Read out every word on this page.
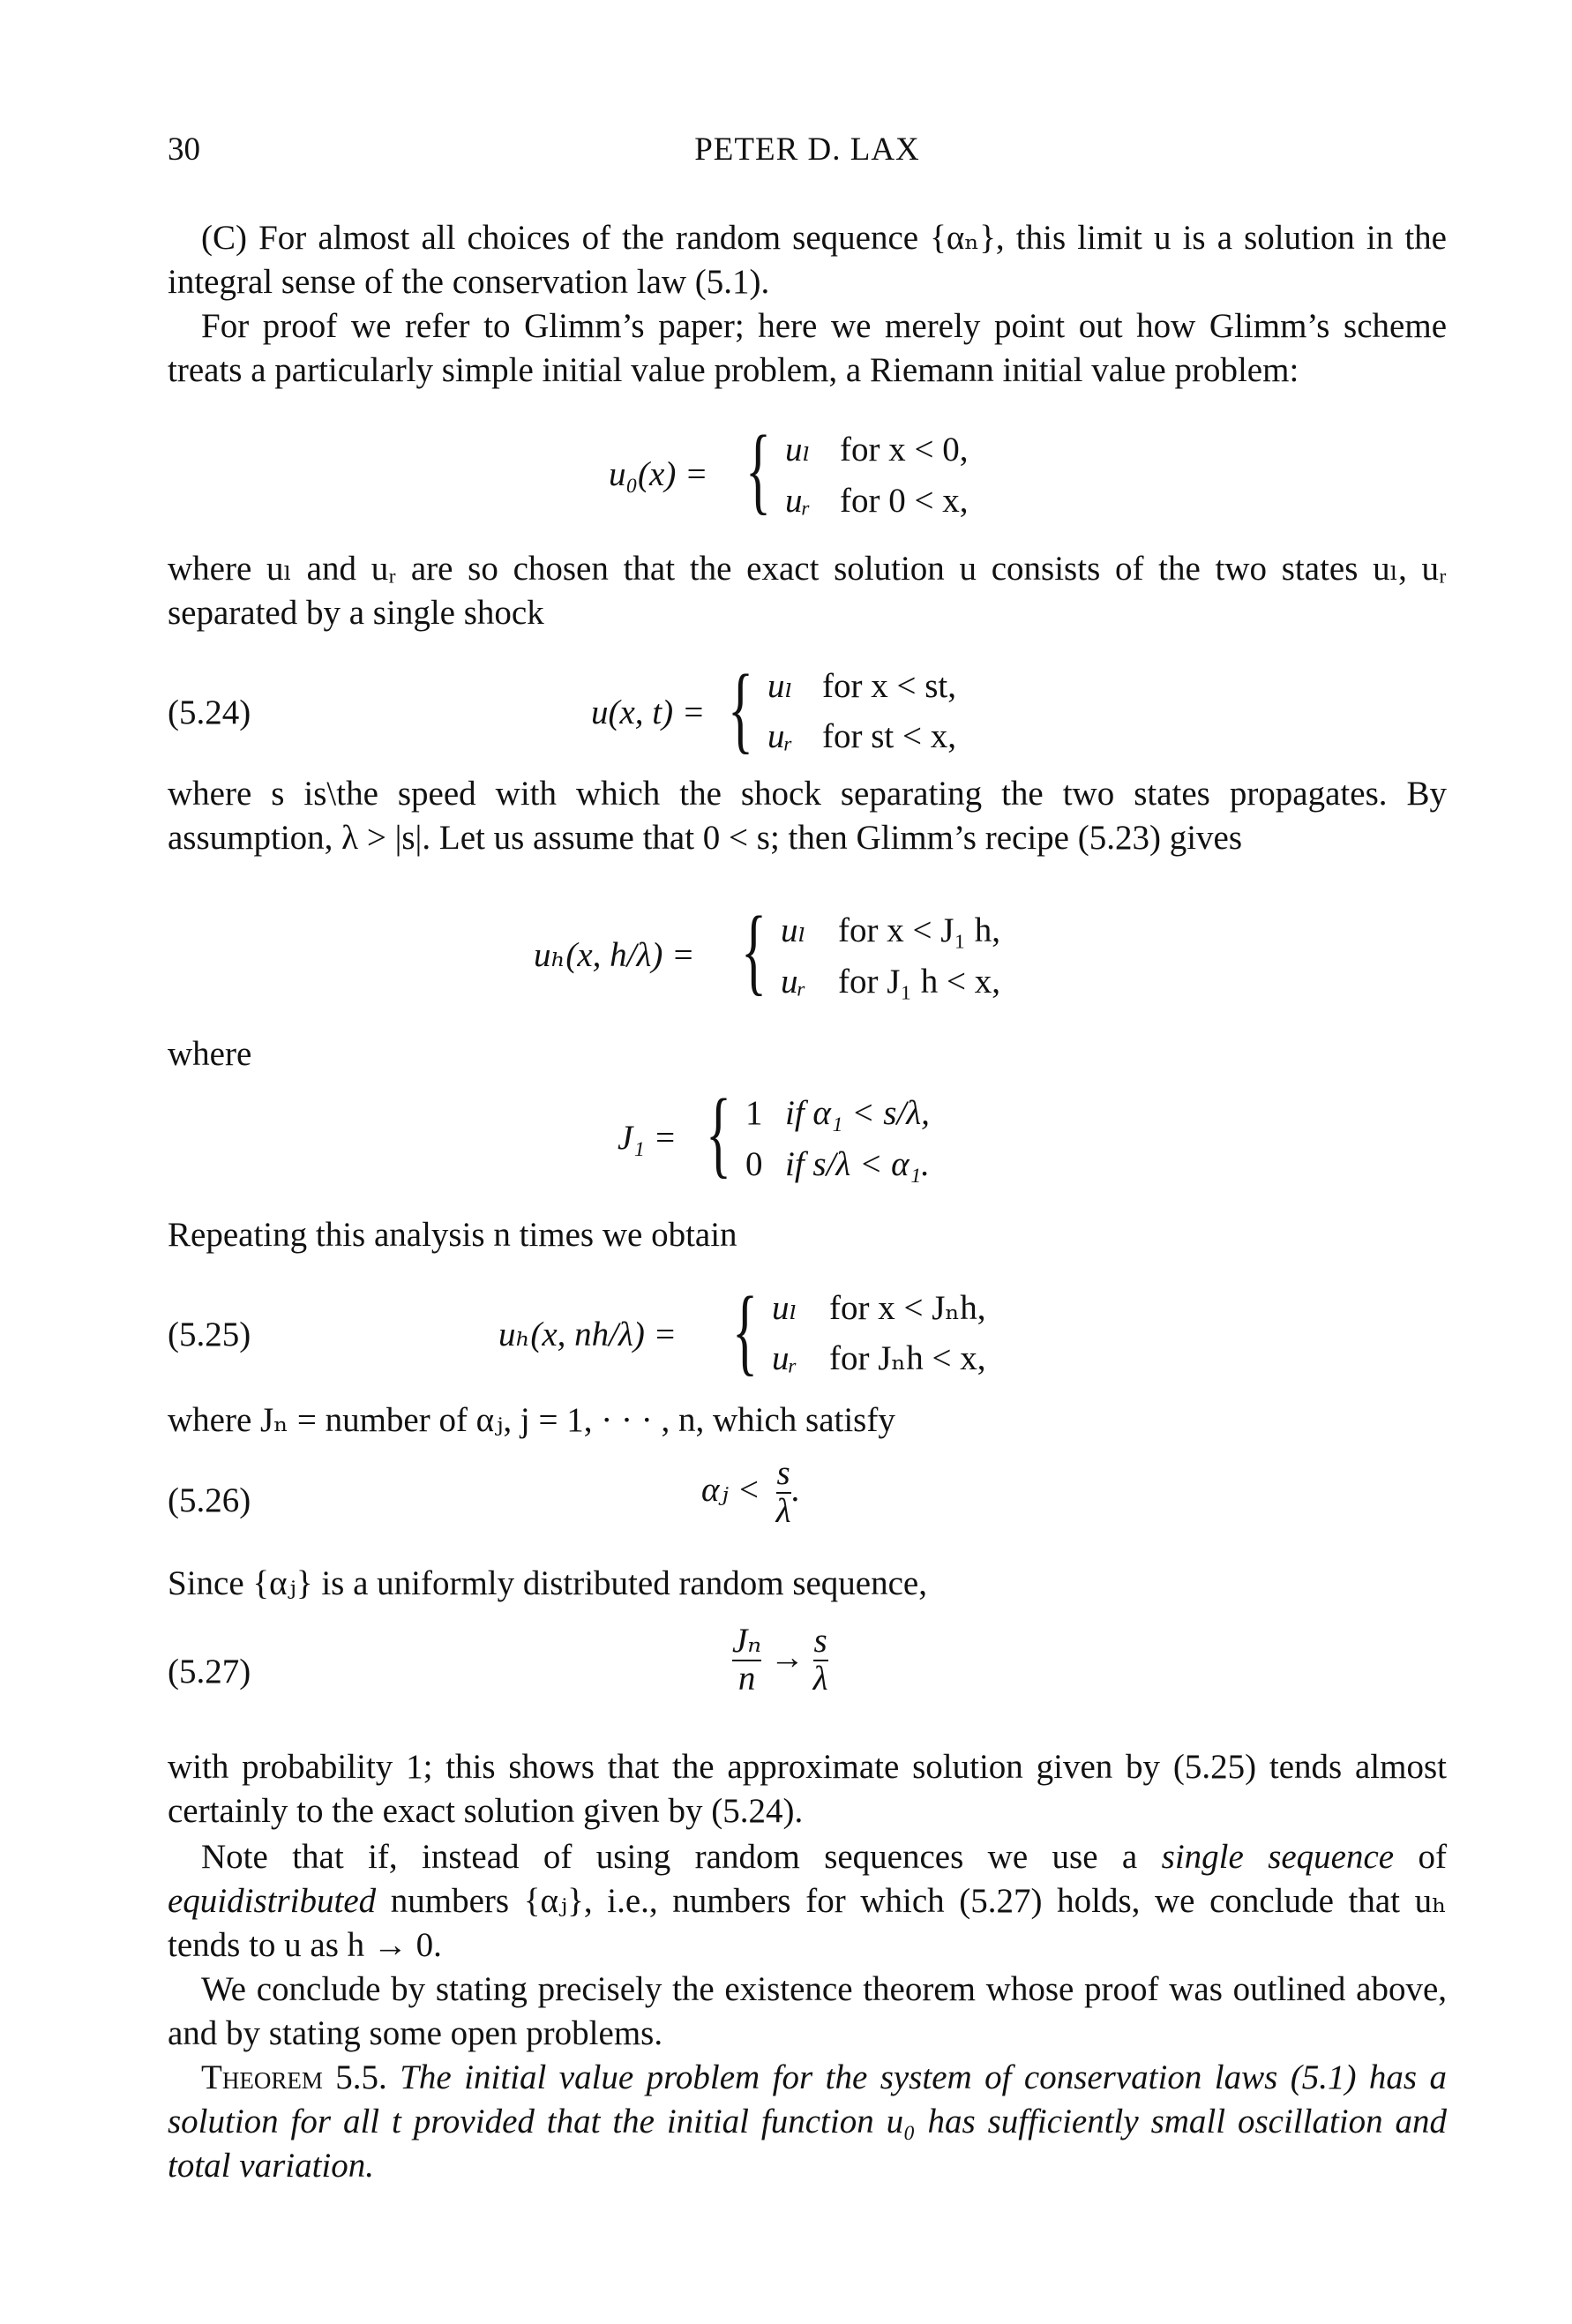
30	PETER D. LAX

(C) For almost all choices of the random sequence {αₙ}, this limit u is a solution in the integral sense of the conservation law (5.1).

For proof we refer to Glimm’s paper; here we merely point out how Glimm’s scheme treats a particularly simple initial value problem, a Riemann initial value problem:

u₀(x) = { uₗ for x < 0,
uᵣ for 0 < x,

where uₗ and uᵣ are so chosen that the exact solution u consists of the two states uₗ, uᵣ separated by a single shock

(5.24)	u(x, t) = { uₗ for x < st,
uᵣ for st < x,

where s is\the speed with which the shock separating the two states propagates. By assumption, λ > |s|. Let us assume that 0 < s; then Glimm’s recipe (5.23) gives

uₕ(x, h/λ) = { uₗ for x < J₁ h,
uᵣ for J₁ h < x,

where

J₁ = { 1 if α₁ < s/λ,
0 if s/λ < α₁.

Repeating this analysis n times we obtain

(5.25)	uₕ(x, nh/λ) = { uₗ for x < Jₙh,
uᵣ for Jₙh < x,

where Jₙ = number of αⱼ, j = 1, · · · , n, which satisfy

(5.26)	αⱼ < $\frac{s}{\lambda}$ .

Since {αⱼ} is a uniformly distributed random sequence,

(5.27)	$\frac{\text{Jₙ}}{n} \to \frac{s}{\lambda}$

with probability 1; this shows that the approximate solution given by (5.25) tends almost certainly to the exact solution given by (5.24).

Note that if, instead of using random sequences we use a single sequence of equidistributed numbers {αⱼ}, i.e., numbers for which (5.27) holds, we conclude that uₕ tends to u as h → 0.

We conclude by stating precisely the existence theorem whose proof was outlined above, and by stating some open problems.

Theorem 5.5. The initial value problem for the system of conservation laws (5.1) has a solution for all t provided that the initial function u₀ has sufficiently small oscillation and total variation.
